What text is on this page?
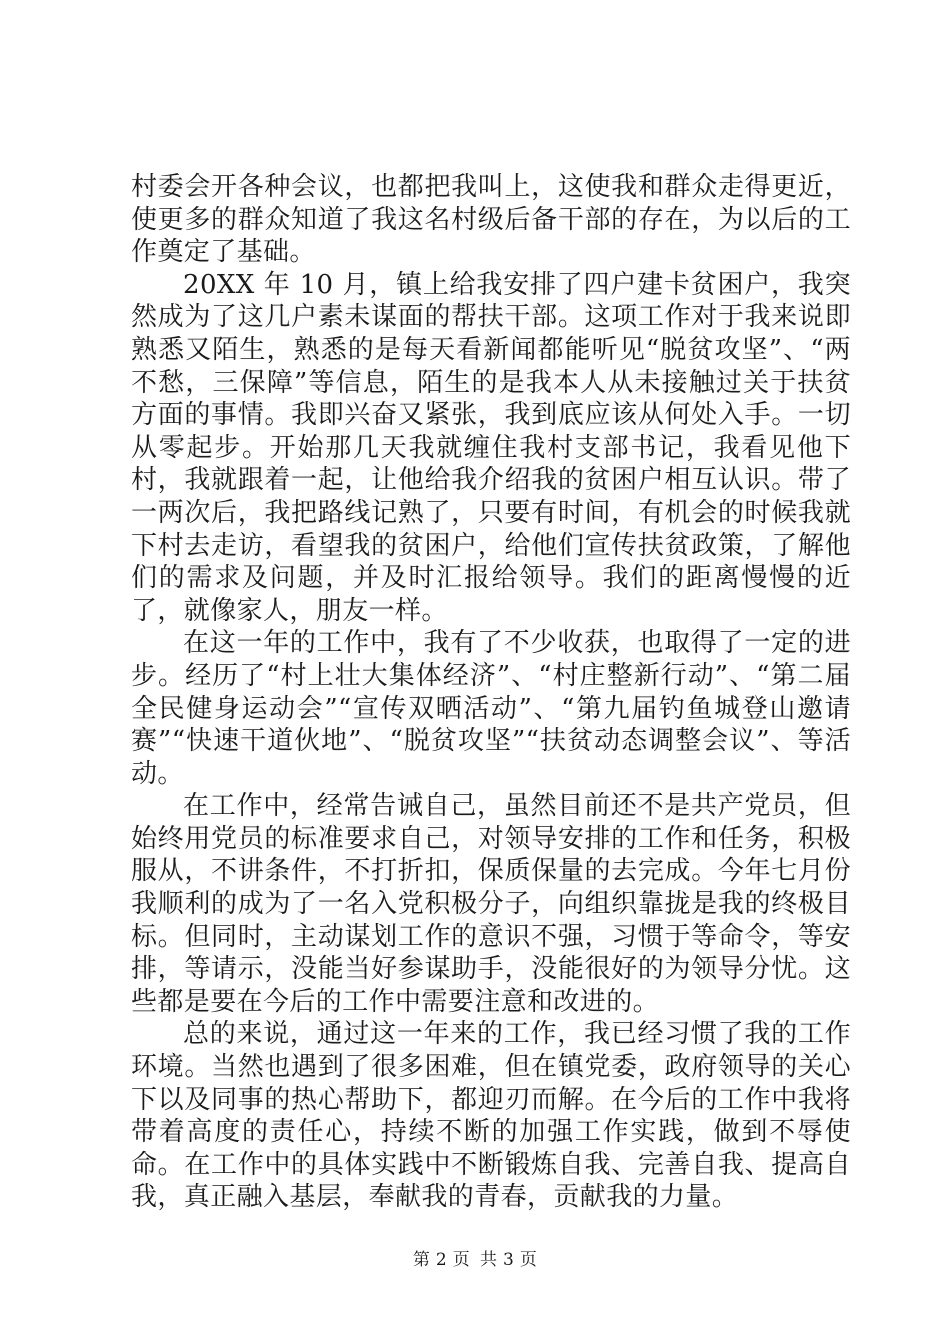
村委会开各种会议，也都把我叫上，这使我和群众走得更近，使更多的群众知道了我这名村级后备干部的存在，为以后的工作奠定了基础。

20XX 年 10 月，镇上给我安排了四户建卡贫困户，我突然成为了这几户素未谋面的帮扶干部。这项工作对于我来说即熟悉又陌生，熟悉的是每天看新闻都能听见“脱贫攻坚”、“两不愁，三保障”等信息，陌生的是我本人从未接触过关于扶贫方面的事情。我即兴奋又紧张，我到底应该从何处入手。一切从零起步。开始那几天我就缠住我村支部书记，我看见他下村，我就跟着一起，让他给我介绍我的贫困户相互认识。带了一两次后，我把路线记熟了，只要有时间，有机会的时候我就下村去走访，看望我的贫困户，给他们宣传扶贫政策，了解他们的需求及问题，并及时汇报给领导。我们的距离慢慢的近了，就像家人，朋友一样。

在这一年的工作中，我有了不少收获，也取得了一定的进步。经历了“村上壮大集体经济”、“村庄整新行动”、“第二届全民健身运动会”“宣传双晒活动”、“第九届钓鱼城登山邀请赛”“快速干道伙地”、“脱贫攻坚”“扶贫动态调整会议”、等活动。

在工作中，经常告诫自己，虽然目前还不是共产党员，但始终用党员的标准要求自己，对领导安排的工作和任务，积极服从，不讲条件，不打折扣，保质保量的去完成。今年七月份我顺利的成为了一名入党积极分子，向组织靠拢是我的终极目标。但同时，主动谋划工作的意识不强，习惯于等命令，等安排，等请示，没能当好参谋助手，没能很好的为领导分忧。这些都是要在今后的工作中需要注意和改进的。

总的来说，通过这一年来的工作，我已经习惯了我的工作环境。当然也遇到了很多困难，但在镇党委，政府领导的关心下以及同事的热心帮助下，都迎刃而解。在今后的工作中我将带着高度的责任心，持续不断的加强工作实践，做到不辱使命。在工作中的具体实践中不断锻炼自我、完善自我、提高自我，真正融入基层，奉献我的青春，贡献我的力量。

第 2 页 共 3 页
